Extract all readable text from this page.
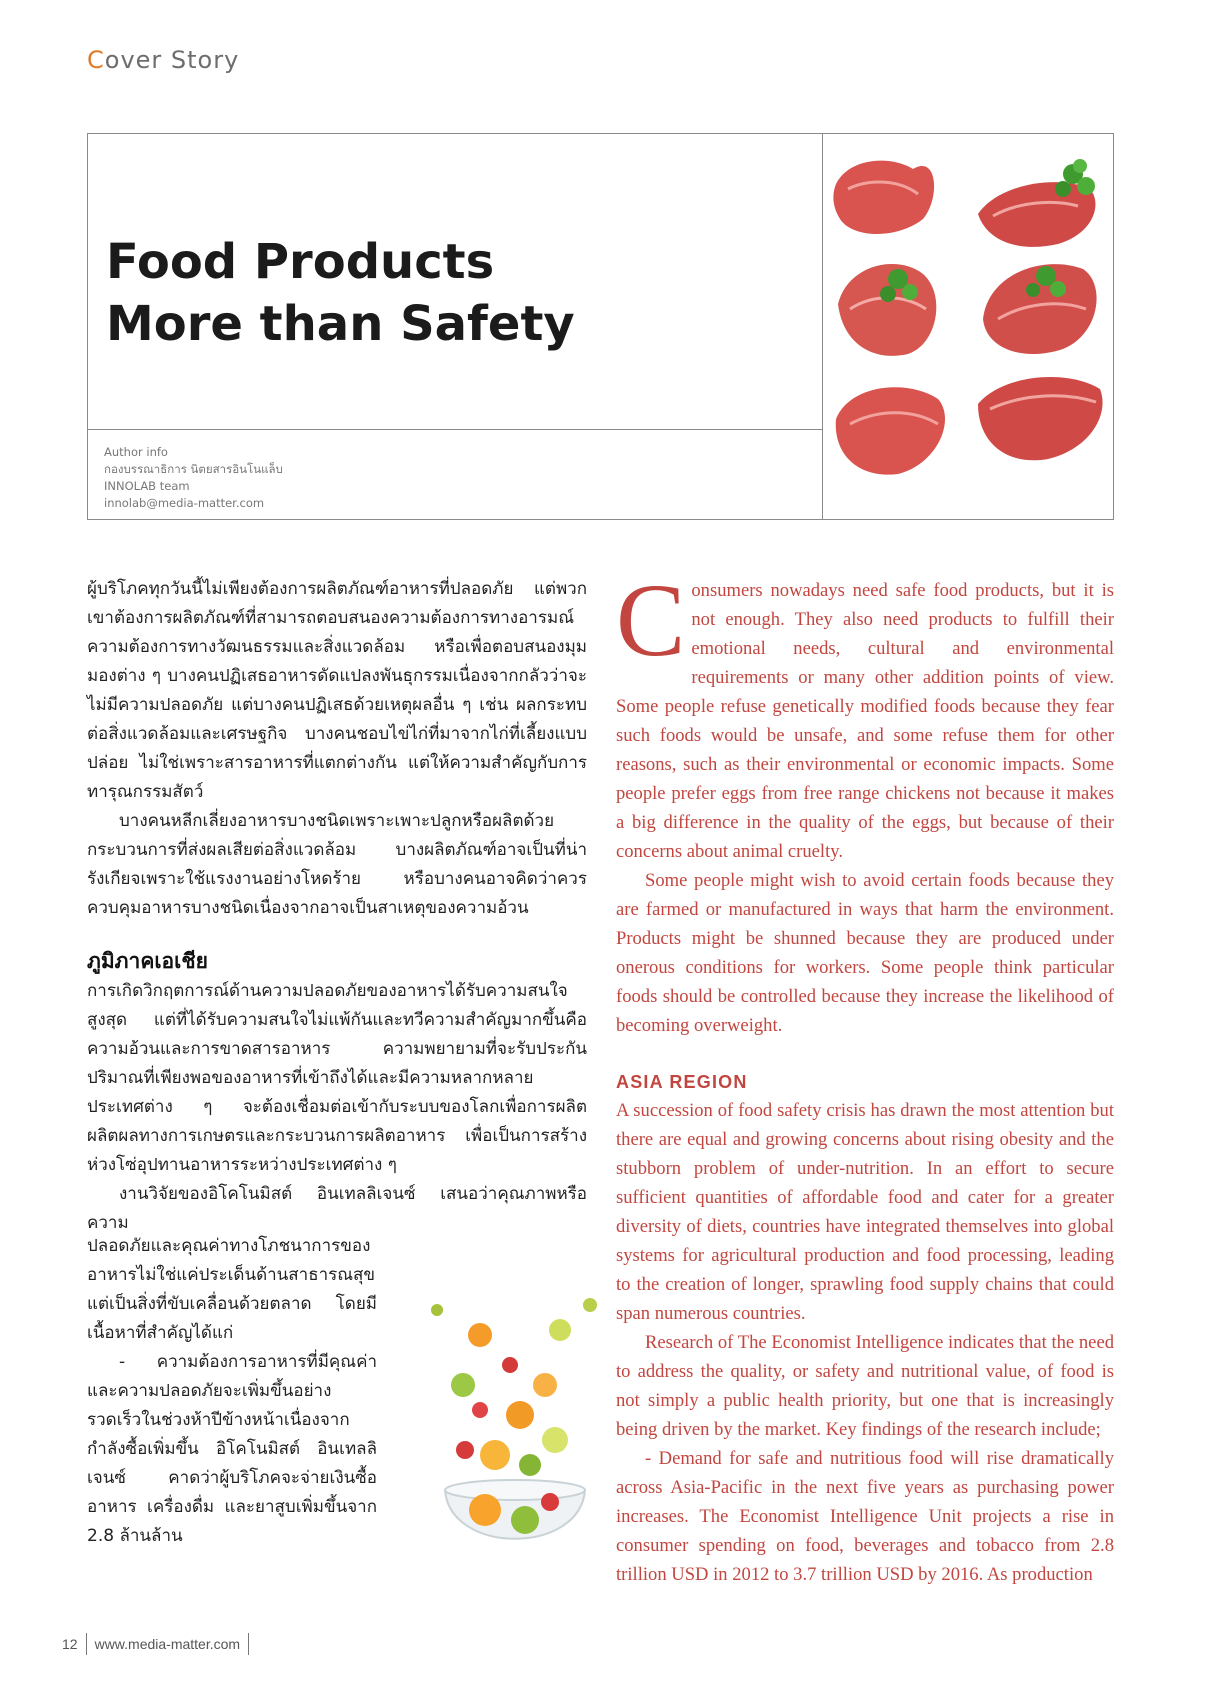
Cover Story
Food Products
More than Safety
Author info
กองบรรณาธิการ นิตยสารอินโนแล็บ
INNOLAB team
innolab@media-matter.com

ผู้บริโภคทุกวันนี้ไม่เพียงต้องการผลิตภัณฑ์อาหารที่ปลอดภัย แต่พวกเขาต้องการผลิตภัณฑ์ที่สามารถตอบสนองความต้องการทางอารมณ์ ความต้องการทางวัฒนธรรมและสิ่งแวดล้อม หรือเพื่อตอบสนองมุมมองต่าง ๆ บางคนปฏิเสธอาหารดัดแปลงพันธุกรรมเนื่องจากกลัวว่าจะไม่มีความปลอดภัย แต่บางคนปฏิเสธด้วยเหตุผลอื่น ๆ เช่น ผลกระทบต่อสิ่งแวดล้อมและเศรษฐกิจ บางคนชอบไข่ไก่ที่มาจากไก่ที่เลี้ยงแบบปล่อย ไม่ใช่เพราะสารอาหารที่แตกต่างกัน แต่ให้ความสำคัญกับการทารุณกรรมสัตว์

บางคนหลีกเลี่ยงอาหารบางชนิดเพราะเพาะปลูกหรือผลิตด้วยกระบวนการที่ส่งผลเสียต่อสิ่งแวดล้อม บางผลิตภัณฑ์อาจเป็นที่น่ารังเกียจเพราะใช้แรงงานอย่างโหดร้าย หรือบางคนอาจคิดว่าควรควบคุมอาหารบางชนิดเนื่องจากอาจเป็นสาเหตุของความอ้วน

ภูมิภาคเอเชีย

การเกิดวิกฤตการณ์ด้านความปลอดภัยของอาหารได้รับความสนใจสูงสุด แต่ที่ได้รับความสนใจไม่แพ้กันและทวีความสำคัญมากขึ้นคือความอ้วนและการขาดสารอาหาร ความพยายามที่จะรับประกันปริมาณที่เพียงพอของอาหารที่เข้าถึงได้และมีความหลากหลาย ประเทศต่าง ๆ จะต้องเชื่อมต่อเข้ากับระบบของโลกเพื่อการผลิตผลิตผลทางการเกษตรและกระบวนการผลิตอาหาร เพื่อเป็นการสร้างห่วงโซ่อุปทานอาหารระหว่างประเทศต่าง ๆ

งานวิจัยของอิโคโนมิสต์ อินเทลลิเจนซ์ เสนอว่าคุณภาพหรือความ

ปลอดภัยและคุณค่าทางโภชนาการของอาหารไม่ใช่แค่ประเด็นด้านสาธารณสุข แต่เป็นสิ่งที่ขับเคลื่อนด้วยตลาด โดยมีเนื้อหาที่สำคัญได้แก่

- ความต้องการอาหารที่มีคุณค่าและความปลอดภัยจะเพิ่มขึ้นอย่างรวดเร็วในช่วงห้าปีข้างหน้าเนื่องจากกำลังซื้อเพิ่มขึ้น อิโคโนมิสต์ อินเทลลิเจนซ์ คาดว่าผู้บริโภคจะจ่ายเงินซื้ออาหาร เครื่องดื่ม และยาสูบเพิ่มขึ้นจาก 2.8 ล้านล้าน

C onsumers nowadays need safe food products, but it is not enough. They also need products to fulfill their emotional needs, cultural and environmental requirements or many other addition points of view. Some people refuse genetically modified foods because they fear such foods would be unsafe, and some refuse them for other reasons, such as their environmental or economic impacts. Some people prefer eggs from free range chickens not because it makes a big difference in the quality of the eggs, but because of their concerns about animal cruelty.

Some people might wish to avoid certain foods because they are farmed or manufactured in ways that harm the environment. Products might be shunned because they are produced under onerous conditions for workers. Some people think particular foods should be controlled because they increase the likelihood of becoming overweight.

ASIA REGION

A succession of food safety crisis has drawn the most attention but there are equal and growing concerns about rising obesity and the stubborn problem of under-nutrition. In an effort to secure sufficient quantities of affordable food and cater for a greater diversity of diets, countries have integrated themselves into global systems for agricultural production and food processing, leading to the creation of longer, sprawling food supply chains that could span numerous countries.

Research of The Economist Intelligence indicates that the need to address the quality, or safety and nutritional value, of food is not simply a public health priority, but one that is increasingly being driven by the market. Key findings of the research include;

- Demand for safe and nutritious food will rise dramatically across Asia-Pacific in the next five years as purchasing power increases. The Economist Intelligence Unit projects a rise in consumer spending on food, beverages and tobacco from 2.8 trillion USD in 2012 to 3.7 trillion USD by 2016. As production

12 www.media-matter.com
